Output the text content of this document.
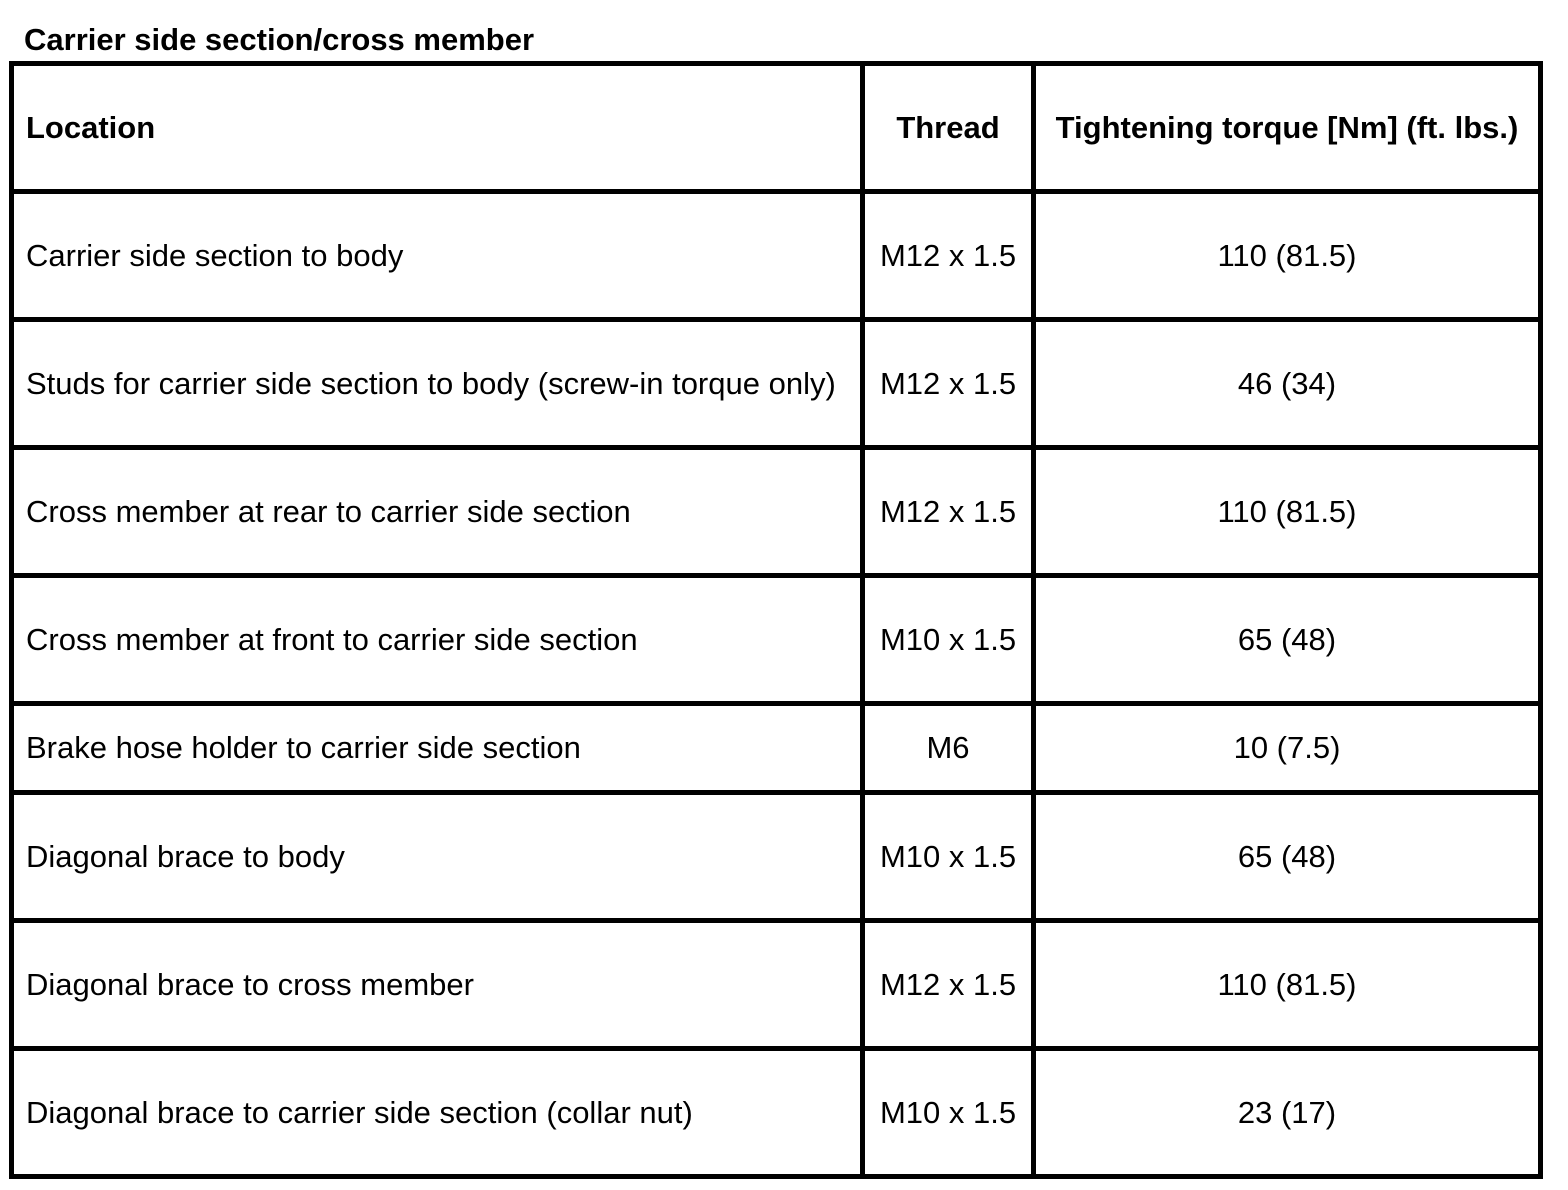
Carrier side section/cross member
Location	Thread	Tightening torque [Nm] (ft. lbs.)
Carrier side section to body	M12 x 1.5	110 (81.5)
Studs for carrier side section to body (screw-in torque only)	M12 x 1.5	46 (34)
Cross member at rear to carrier side section	M12 x 1.5	110 (81.5)
Cross member at front to carrier side section	M10 x 1.5	65 (48)
Brake hose holder to carrier side section	M6	10 (7.5)
Diagonal brace to body	M10 x 1.5	65 (48)
Diagonal brace to cross member	M12 x 1.5	110 (81.5)
Diagonal brace to carrier side section (collar nut)	M10 x 1.5	23 (17)
